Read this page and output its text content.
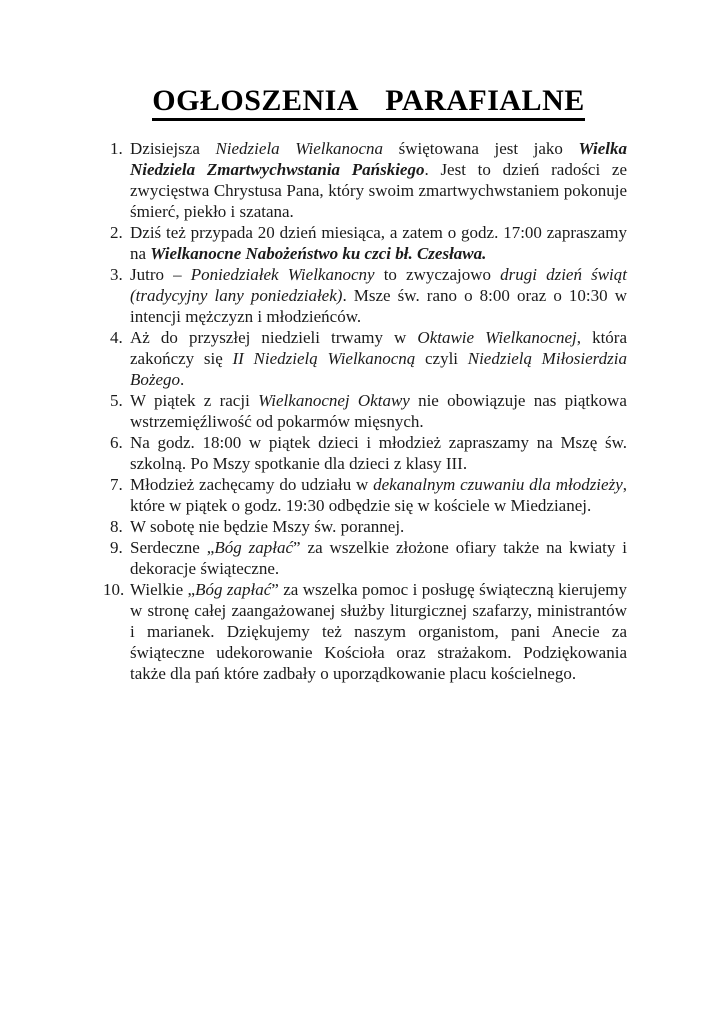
OGŁOSZENIA PARAFIALNE
1. Dzisiejsza Niedziela Wielkanocna świętowana jest jako Wielka Niedziela Zmartwychwstania Pańskiego. Jest to dzień radości ze zwycięstwa Chrystusa Pana, który swoim zmartwychwstaniem pokonuje śmierć, piekło i szatana.
2. Dziś też przypada 20 dzień miesiąca, a zatem o godz. 17:00 zapraszamy na Wielkanocne Nabożeństwo ku czci bł. Czesława.
3. Jutro – Poniedziałek Wielkanocny to zwyczajowo drugi dzień świąt (tradycyjny lany poniedziałek). Msze św. rano o 8:00 oraz o 10:30 w intencji mężczyzn i młodzieńców.
4. Aż do przyszłej niedzieli trwamy w Oktawie Wielkanocnej, która zakończy się II Niedzielą Wielkanocną czyli Niedzielą Miłosierdzia Bożego.
5. W piątek z racji Wielkanocnej Oktawy nie obowiązuje nas piątkowa wstrzemięźliwość od pokarmów mięsnych.
6. Na godz. 18:00 w piątek dzieci i młodzież zapraszamy na Mszę św. szkolną. Po Mszy spotkanie dla dzieci z klasy III.
7. Młodzież zachęcamy do udziału w dekanalnym czuwaniu dla młodzieży, które w piątek o godz. 19:30 odbędzie się w kościele w Miedzianej.
8. W sobotę nie będzie Mszy św. porannej.
9. Serdeczne „Bóg zapłać” za wszelkie złożone ofiary także na kwiaty i dekoracje świąteczne.
10. Wielkie „Bóg zapłać” za wszelka pomoc i posługę świąteczną kierujemy w stronę całej zaangażowanej służby liturgicznej szafarzy, ministrantów i marianek. Dziękujemy też naszym organistom, pani Anecie za świąteczne udekorowanie Kościoła oraz strażakom. Podziękowania także dla pań które zadbały o uporządkowanie placu kościelnego.
